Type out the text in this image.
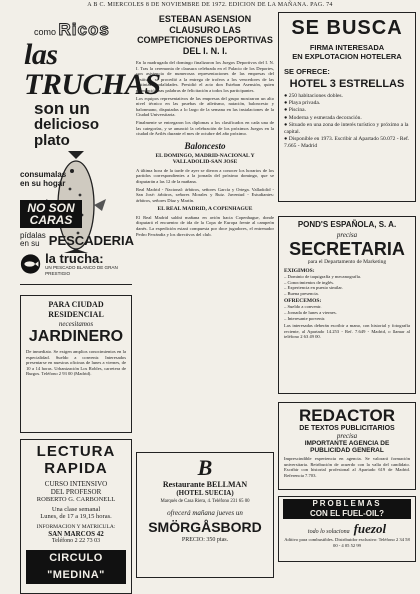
A B C. MIERCOLES 8 DE NOVIEMBRE DE 1972. EDICION DE LA MAÑANA. PAG. 74
como Ricos
las TRUCHAS
son un
delicioso plato
consumalas en su hogar
NO SON
CARAS
pídalas en su PESCADERIA
la trucha:
UN PESCADO BLANCO DE GRAN PRESTIGIO
PARA CIUDAD RESIDENCIAL
necesitamos
JARDINERO
De inmediato. Se exigen amplios conocimientos en la especialidad. Sueldo a convenir. Interesados presentarse en nuestras oficinas de lunes a viernes, de 10 a 14 horas. Urbanización Los Robles, carretera de Burgos. Teléfono 2 93 00 (Madrid).
LECTURA RAPIDA
CURSO INTENSIVO
DEL PROFESOR
ROBERTO G. CARBONELL
Una clase semanal
Lunes, de 17 a 19,15 horas.
INFORMACION Y MATRICULA:
SAN MARCOS 42
Teléfono 2 22 73 03
CIRCULO "MEDINA"
ESTEBAN ASENSION CLAUSURO LAS COMPETICIONES DEPORTIVAS DEL I. N. I.
En la madrugada del domingo finalizaron los Juegos Deportivos del I. N. I. Tras la ceremonia de clausura celebrada en el Palacio de los Deportes, con asistencia de numerosas representaciones de las empresas del Instituto, se procedió a la entrega de trofeos a los vencedores de las distintas modalidades. Presidió el acto don Esteban Asensión, quien pronunció unas palabras de felicitación a todos los participantes.
Los equipos representativos de las empresas del grupo mostraron un alto nivel técnico en las pruebas de atletismo, natación, baloncesto y balonmano, disputadas a lo largo de la semana en las instalaciones de la Ciudad Universitaria.
Finalmente se entregaron los diplomas a los clasificados en cada una de las categorías, y se anunció la celebración de los próximos Juegos en la ciudad de Avilés durante el mes de octubre del año próximo.
Baloncesto
EL DOMINGO, MADRID-NACIONAL Y VALLADOLID-SAN JOSE
A última hora de la tarde de ayer se dieron a conocer los horarios de los partidos correspondientes a la jornada del próximo domingo, que se disputarán a las 12 de la mañana.
Real Madrid - Nacional: árbitros, señores García y Ortega. Valladolid - San José: árbitros, señores Morales y Ruiz. Juventud - Estudiantes: árbitros, señores Díaz y Martín.
EL REAL MADRID, A COPENHAGUE
El Real Madrid saldrá mañana en avión hacia Copenhague, donde disputará el encuentro de ida de la Copa de Europa frente al campeón danés. La expedición estará compuesta por doce jugadores, el entrenador Pedro Ferrándiz y los directivos del club.
B
Restaurante BELLMAN
(HOTEL SUECIA)
Marqués de Casa Riera, 4. Teléfono 231 65 00
ofrecerá mañana jueves un
SMÖRGÅSBORD
PRECIO: 350 ptas.
SE BUSCA
FIRMA INTERESADA
EN EXPLOTACION HOTELERA
SE OFRECE:
HOTEL 3 ESTRELLAS
● 250 habitaciones dobles.
● Playa privada.
● Piscina.
● Moderna y esmerada decoración.
● Situado en una zona de interés turístico y próximo a la capital.
● Disponible en 1973. Escribir al Apartado 50.072 - Ref. 7.665 - Madrid
POND'S ESPAÑOLA, S. A.
precisa
SECRETARIA
para el Departamento de Marketing
EXIGIMOS:
– Dominio de taquigrafía y mecanografía.
– Conocimientos de inglés.
– Experiencia en puesto similar.
– Buena presencia.
OFRECEMOS:
– Sueldo a convenir.
– Jornada de lunes a viernes.
– Interesante porvenir.
Las interesadas deberán escribir a mano, con historial y fotografía reciente, al Apartado 14.253 - Ref. 7.649 - Madrid, o llamar al teléfono 2 63 49 00.
REDACTOR
DE TEXTOS PUBLICITARIOS
precisa
IMPORTANTE AGENCIA DE
PUBLICIDAD GENERAL
Imprescindible experiencia en agencia. Se valorará formación universitaria. Retribución de acuerdo con la valía del candidato. Escribir con historial profesional al Apartado 619 de Madrid. Referencia 7.703.
PROBLEMAS
CON EL FUEL-OIL?
todo lo soluciona fuezol
Aditivo para combustibles. Distribuidor exclusivo: Teléfono 2 34 58 00 - 4 05 52 99
